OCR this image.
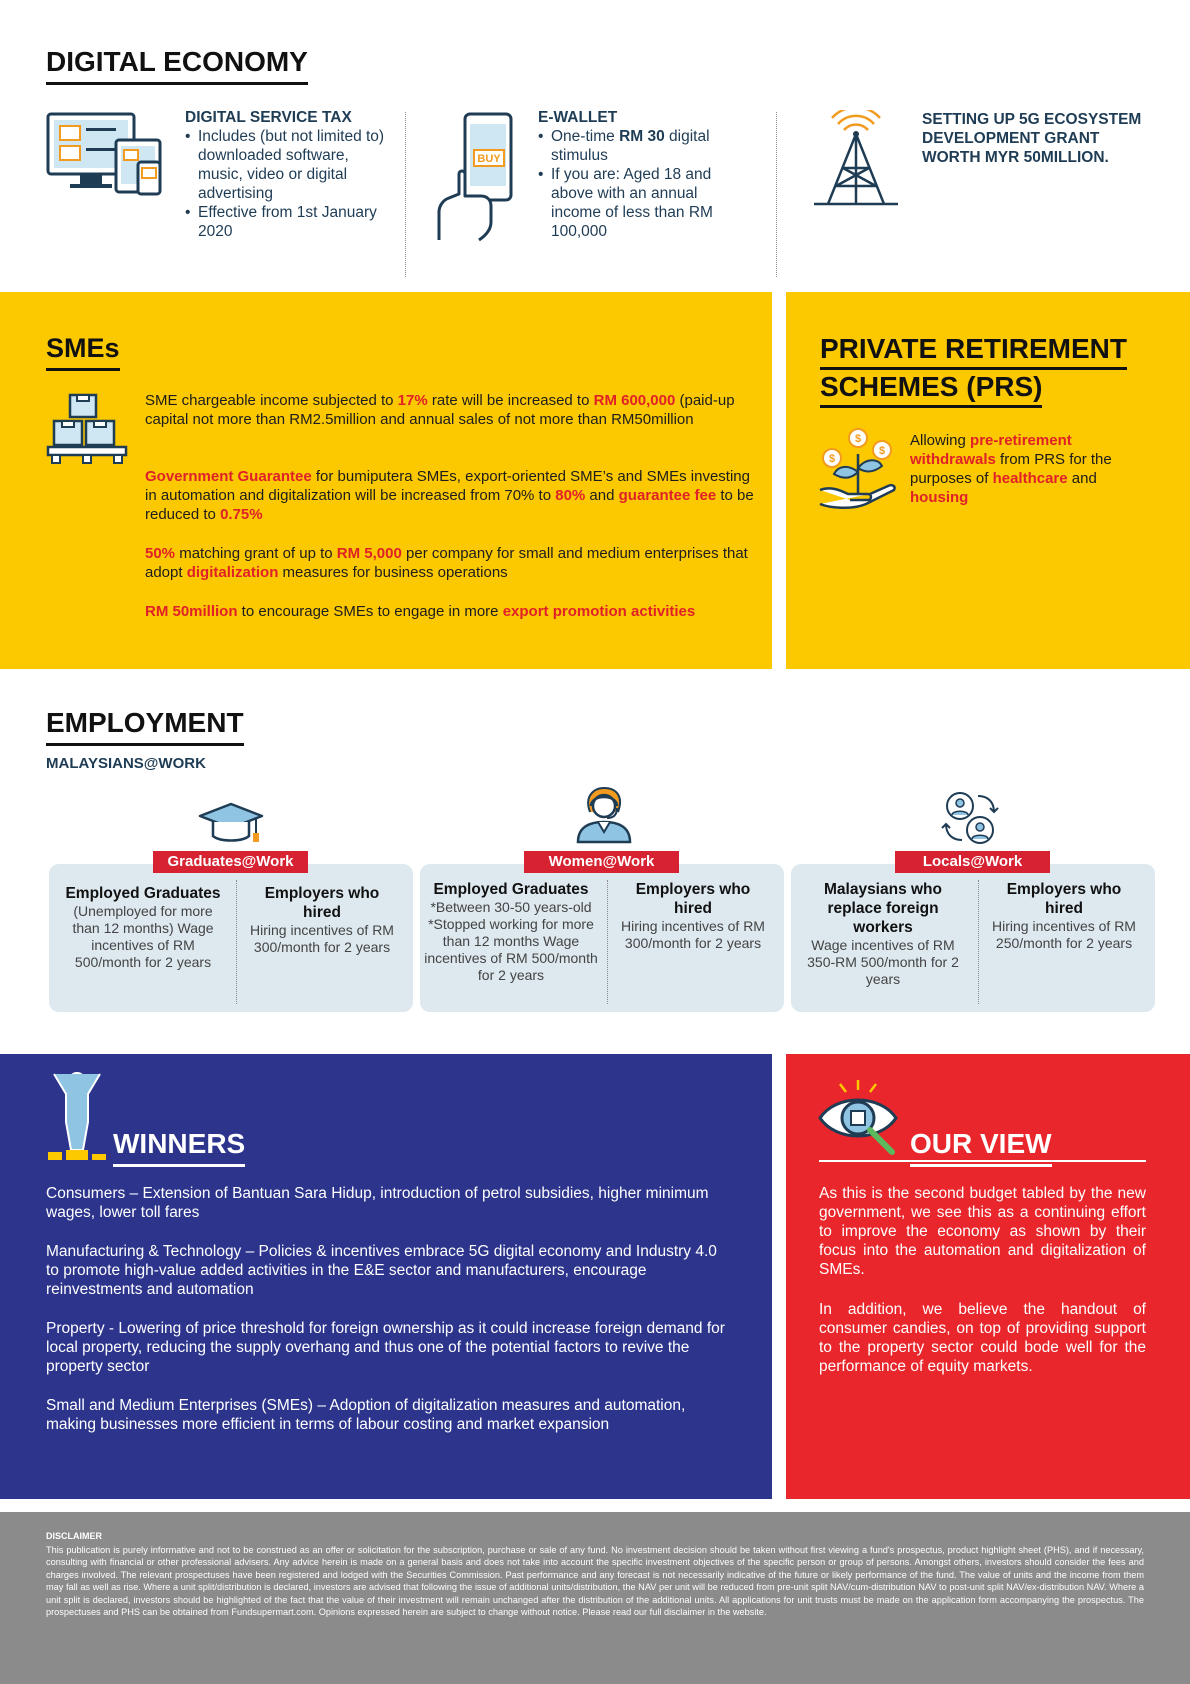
DIGITAL ECONOMY
DIGITAL SERVICE TAX
• Includes (but not limited to) downloaded software, music, video or digital advertising
• Effective from 1st January 2020
BUY
E-WALLET
• One-time RM 30 digital stimulus
• If you are: Aged 18 and above with an annual income of less than RM 100,000
SETTING UP 5G ECOSYSTEM DEVELOPMENT GRANT WORTH MYR 50MILLION.
SMEs
SME chargeable income subjected to 17% rate will be increased to RM 600,000 (paid-up capital not more than RM2.5million and annual sales of not more than RM50million
Government Guarantee for bumiputera SMEs, export-oriented SME’s and SMEs investing in automation and digitalization will be increased from 70% to 80% and guarantee fee to be reduced to 0.75%
50% matching grant of up to RM 5,000 per company for small and medium enterprises that adopt digitalization measures for business operations
RM 50million to encourage SMEs to engage in more export promotion activities
PRIVATE RETIREMENT
SCHEMES (PRS)
$
$
$
Allowing pre-retirement withdrawals from PRS for the purposes of healthcare and housing
EMPLOYMENT
MALAYSIANS@WORK
Graduates@Work
Employed Graduates
(Unemployed for more than 12 months) Wage incentives of RM 500/month for 2 years
Employers who hired
Hiring incentives of RM 300/month for 2 years
Women@Work
Employed Graduates
*Between 30-50 years-old *Stopped working for more than 12 months Wage incentives of RM 500/month for 2 years
Employers who hired
Hiring incentives of RM 300/month for 2 years
Locals@Work
Malaysians who replace foreign workers
Wage incentives of RM 350-RM 500/month for 2 years
Employers who hired
Hiring incentives of RM 250/month for 2 years
WINNERS
Consumers – Extension of Bantuan Sara Hidup, introduction of petrol subsidies, higher minimum wages, lower toll fares
Manufacturing & Technology – Policies & incentives embrace 5G digital economy and Industry 4.0 to promote high-value added activities in the E&E sector and manufacturers, encourage reinvestments and automation
Property - Lowering of price threshold for foreign ownership as it could increase foreign demand for local property, reducing the supply overhang and thus one of the potential factors to revive the property sector
Small and Medium Enterprises (SMEs) – Adoption of digitalization measures and automation, making businesses more efficient in terms of labour costing and market expansion
OUR VIEW
As this is the second budget tabled by the new government, we see this as a continuing effort to improve the economy as shown by their focus into the automation and digitalization of SMEs.
In addition, we believe the handout of consumer candies, on top of providing support to the property sector could bode well for the performance of equity markets.
DISCLAIMER
This publication is purely informative and not to be construed as an offer or solicitation for the subscription, purchase or sale of any fund. No investment decision should be taken without first viewing a fund's prospectus, product highlight sheet (PHS), and if necessary, consulting with financial or other professional advisers. Any advice herein is made on a general basis and does not take into account the specific investment objectives of the specific person or group of persons. Amongst others, investors should consider the fees and charges involved. The relevant prospectuses have been registered and lodged with the Securities Commission. Past performance and any forecast is not necessarily indicative of the future or likely performance of the fund. The value of units and the income from them may fall as well as rise. Where a unit split/distribution is declared, investors are advised that following the issue of additional units/distribution, the NAV per unit will be reduced from pre-unit split NAV/cum-distribution NAV to post-unit split NAV/ex-distribution NAV. Where a unit split is declared, investors should be highlighted of the fact that the value of their investment will remain unchanged after the distribution of the additional units. All applications for unit trusts must be made on the application form accompanying the prospectus. The prospectuses and PHS can be obtained from Fundsupermart.com. Opinions expressed herein are subject to change without notice. Please read our full disclaimer in the website.
